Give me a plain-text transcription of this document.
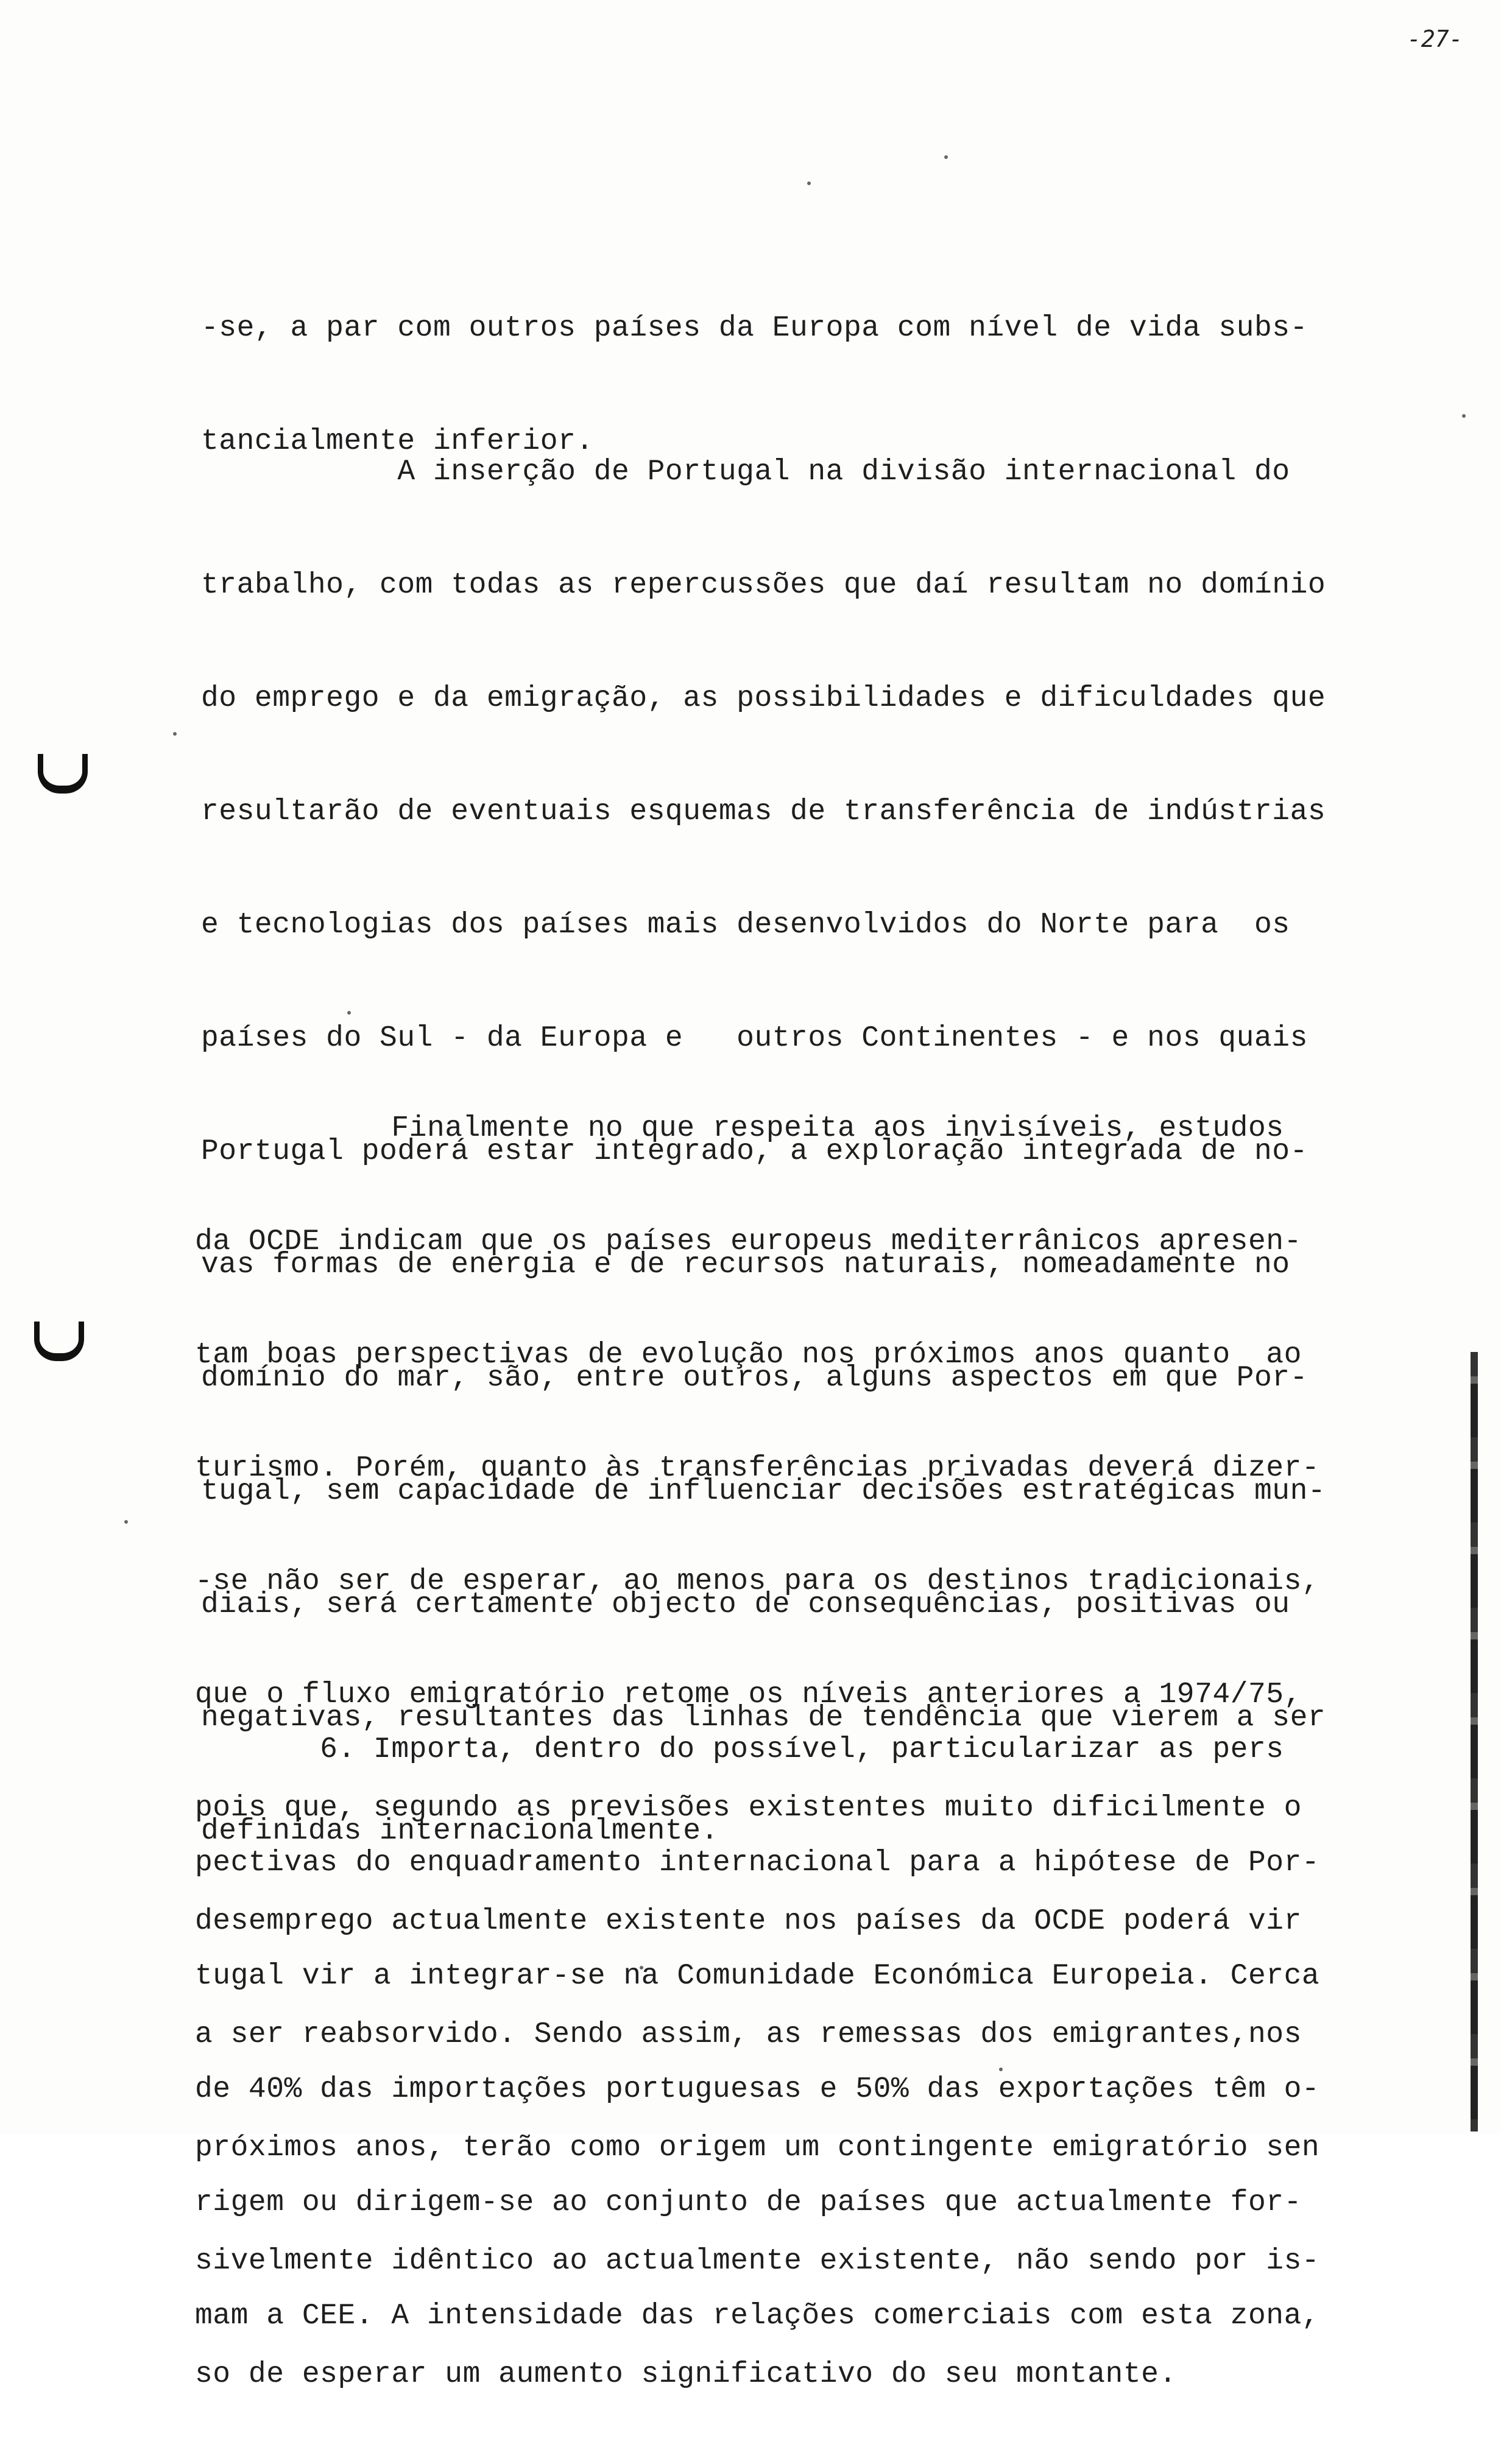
-27-

-se, a par com outros países da Europa com nível de vida subs-

tancialmente inferior.

A inserção de Portugal na divisão internacional do

trabalho, com todas as repercussões que daí resultam no domínio

do emprego e da emigração, as possibilidades e dificuldades que

resultarão de eventuais esquemas de transferência de indústrias

e tecnologias dos países mais desenvolvidos do Norte para  os

países do Sul - da Europa e   outros Continentes - e nos quais

Portugal poderá estar integrado, a exploração integrada de no-

vas formas de energia e de recursos naturais, nomeadamente no

domínio do mar, são, entre outros, alguns aspectos em que Por-

tugal, sem capacidade de influenciar decisões estratégicas mun-

diais, será certamente objecto de consequências, positivas ou

negativas, resultantes das linhas de tendência que vierem a ser

definidas internacionalmente.

Finalmente no que respeita aos invisíveis, estudos

da OCDE indicam que os países europeus mediterrânicos apresen-

tam boas perspectivas de evolução nos próximos anos quanto  ao

turismo. Porém, quanto às transferências privadas deverá dizer-

-se não ser de esperar, ao menos para os destinos tradicionais,

que o fluxo emigratório retome os níveis anteriores a 1974/75,

pois que, segundo as previsões existentes muito dificilmente o

desemprego actualmente existente nos países da OCDE poderá vir

a ser reabsorvido. Sendo assim, as remessas dos emigrantes,nos

próximos anos, terão como origem um contingente emigratório sen

sivelmente idêntico ao actualmente existente, não sendo por is-

so de esperar um aumento significativo do seu montante.

6. Importa, dentro do possível, particularizar as pers

pectivas do enquadramento internacional para a hipótese de Por-

tugal vir a integrar-se na Comunidade Económica Europeia. Cerca

de 40% das importações portuguesas e 50% das exportações têm o-

rigem ou dirigem-se ao conjunto de países que actualmente for-

mam a CEE. A intensidade das relações comerciais com esta zona,
